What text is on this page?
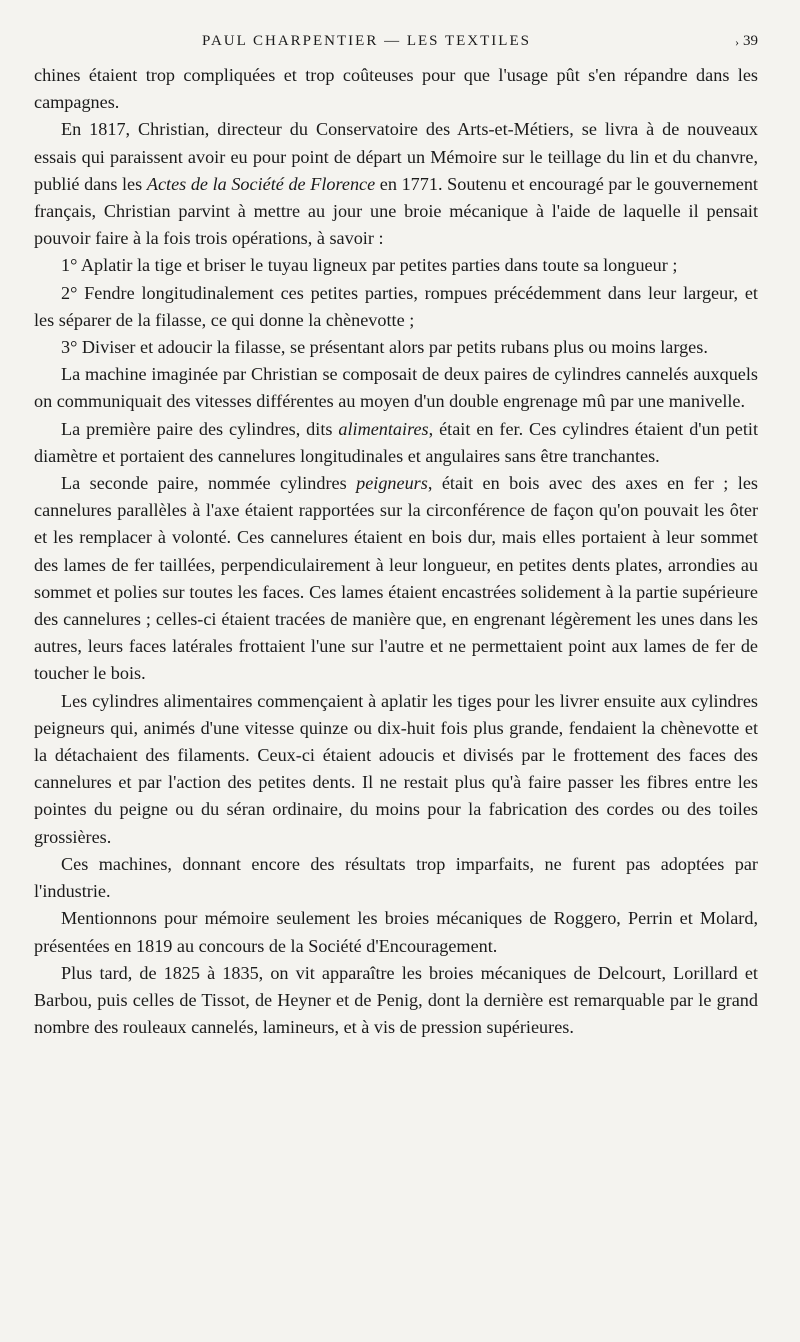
PAUL CHARPENTIER — LES TEXTILES	› 39

chines étaient trop compliquées et trop coûteuses pour que l'usage pût s'en répandre dans les campagnes.

En 1817, Christian, directeur du Conservatoire des Arts-et-Métiers, se livra à de nouveaux essais qui paraissent avoir eu pour point de départ un Mémoire sur le teillage du lin et du chanvre, publié dans les Actes de la Société de Florence en 1771. Soutenu et encouragé par le gouvernement français, Christian parvint à mettre au jour une broie mécanique à l'aide de laquelle il pensait pouvoir faire à la fois trois opérations, à savoir :

1° Aplatir la tige et briser le tuyau ligneux par petites parties dans toute sa longueur ;

2° Fendre longitudinalement ces petites parties, rompues précédemment dans leur largeur, et les séparer de la filasse, ce qui donne la chènevotte ;

3° Diviser et adoucir la filasse, se présentant alors par petits rubans plus ou moins larges.

La machine imaginée par Christian se composait de deux paires de cylindres cannelés auxquels on communiquait des vitesses différentes au moyen d'un double engrenage mû par une manivelle.

La première paire des cylindres, dits alimentaires, était en fer. Ces cylindres étaient d'un petit diamètre et portaient des cannelures longitudinales et angulaires sans être tranchantes.

La seconde paire, nommée cylindres peigneurs, était en bois avec des axes en fer ; les cannelures parallèles à l'axe étaient rapportées sur la circonférence de façon qu'on pouvait les ôter et les remplacer à volonté. Ces cannelures étaient en bois dur, mais elles portaient à leur sommet des lames de fer taillées, perpendiculairement à leur longueur, en petites dents plates, arrondies au sommet et polies sur toutes les faces. Ces lames étaient encastrées solidement à la partie supérieure des cannelures ; celles-ci étaient tracées de manière que, en engrenant légèrement les unes dans les autres, leurs faces latérales frottaient l'une sur l'autre et ne permettaient point aux lames de fer de toucher le bois.

Les cylindres alimentaires commençaient à aplatir les tiges pour les livrer ensuite aux cylindres peigneurs qui, animés d'une vitesse quinze ou dix-huit fois plus grande, fendaient la chènevotte et la détachaient des filaments. Ceux-ci étaient adoucis et divisés par le frottement des faces des cannelures et par l'action des petites dents. Il ne restait plus qu'à faire passer les fibres entre les pointes du peigne ou du séran ordinaire, du moins pour la fabrication des cordes ou des toiles grossières.

Ces machines, donnant encore des résultats trop imparfaits, ne furent pas adoptées par l'industrie.

Mentionnons pour mémoire seulement les broies mécaniques de Roggero, Perrin et Molard, présentées en 1819 au concours de la Société d'Encouragement.

Plus tard, de 1825 à 1835, on vit apparaître les broies mécaniques de Delcourt, Lorillard et Barbou, puis celles de Tissot, de Heyner et de Penig, dont la dernière est remarquable par le grand nombre des rouleaux cannelés, lamineurs, et à vis de pression supérieures.
